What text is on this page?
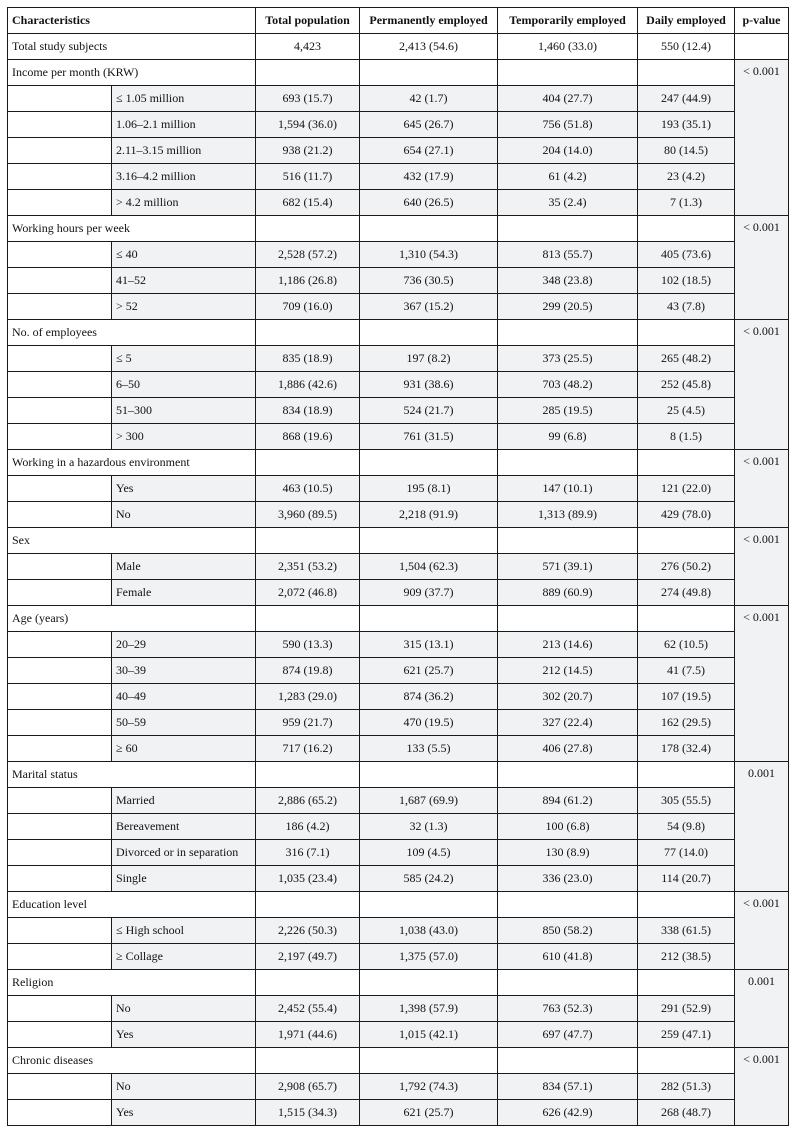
Characteristics		Total population	Permanently employed	Temporarily employed	Daily employed	p-value
Total study subjects		4,423	2,413 (54.6)	1,460 (33.0)	550 (12.4)	
Income per month (KRW)						< 0.001
	≤ 1.05 million	693 (15.7)	42 (1.7)	404 (27.7)	247 (44.9)	
	1.06–2.1 million	1,594 (36.0)	645 (26.7)	756 (51.8)	193 (35.1)	
	2.11–3.15 million	938 (21.2)	654 (27.1)	204 (14.0)	80 (14.5)	
	3.16–4.2 million	516 (11.7)	432 (17.9)	61 (4.2)	23 (4.2)	
	> 4.2 million	682 (15.4)	640 (26.5)	35 (2.4)	7 (1.3)	
Working hours per week						< 0.001
	≤ 40	2,528 (57.2)	1,310 (54.3)	813 (55.7)	405 (73.6)	
	41–52	1,186 (26.8)	736 (30.5)	348 (23.8)	102 (18.5)	
	> 52	709 (16.0)	367 (15.2)	299 (20.5)	43 (7.8)	
No. of employees						< 0.001
	≤ 5	835 (18.9)	197 (8.2)	373 (25.5)	265 (48.2)	
	6–50	1,886 (42.6)	931 (38.6)	703 (48.2)	252 (45.8)	
	51–300	834 (18.9)	524 (21.7)	285 (19.5)	25 (4.5)	
	> 300	868 (19.6)	761 (31.5)	99 (6.8)	8 (1.5)	
Working in a hazardous environment						< 0.001
	Yes	463 (10.5)	195 (8.1)	147 (10.1)	121 (22.0)	
	No	3,960 (89.5)	2,218 (91.9)	1,313 (89.9)	429 (78.0)	
Sex						< 0.001
	Male	2,351 (53.2)	1,504 (62.3)	571 (39.1)	276 (50.2)	
	Female	2,072 (46.8)	909 (37.7)	889 (60.9)	274 (49.8)	
Age (years)						< 0.001
	20–29	590 (13.3)	315 (13.1)	213 (14.6)	62 (10.5)	
	30–39	874 (19.8)	621 (25.7)	212 (14.5)	41 (7.5)	
	40–49	1,283 (29.0)	874 (36.2)	302 (20.7)	107 (19.5)	
	50–59	959 (21.7)	470 (19.5)	327 (22.4)	162 (29.5)	
	≥ 60	717 (16.2)	133 (5.5)	406 (27.8)	178 (32.4)	
Marital status						0.001
	Married	2,886 (65.2)	1,687 (69.9)	894 (61.2)	305 (55.5)	
	Bereavement	186 (4.2)	32 (1.3)	100 (6.8)	54 (9.8)	
	Divorced or in separation	316 (7.1)	109 (4.5)	130 (8.9)	77 (14.0)	
	Single	1,035 (23.4)	585 (24.2)	336 (23.0)	114 (20.7)	
Education level						< 0.001
	≤ High school	2,226 (50.3)	1,038 (43.0)	850 (58.2)	338 (61.5)	
	≥ Collage	2,197 (49.7)	1,375 (57.0)	610 (41.8)	212 (38.5)	
Religion						0.001
	No	2,452 (55.4)	1,398 (57.9)	763 (52.3)	291 (52.9)	
	Yes	1,971 (44.6)	1,015 (42.1)	697 (47.7)	259 (47.1)	
Chronic diseases						< 0.001
	No	2,908 (65.7)	1,792 (74.3)	834 (57.1)	282 (51.3)	
	Yes	1,515 (34.3)	621 (25.7)	626 (42.9)	268 (48.7)	
